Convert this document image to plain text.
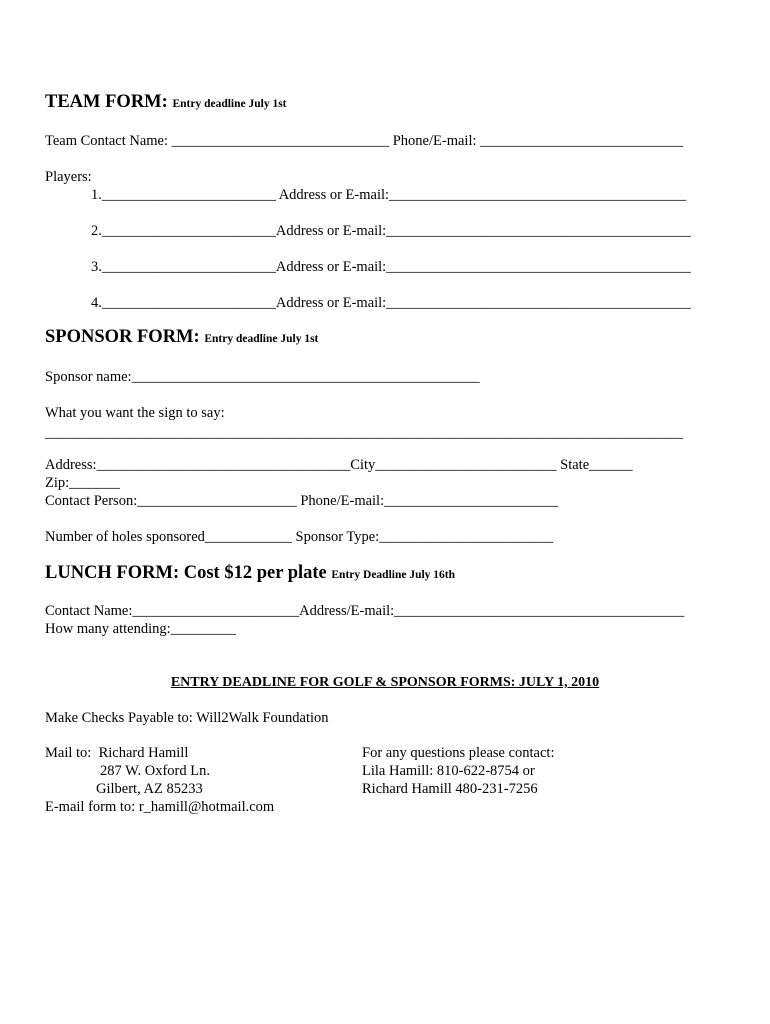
TEAM FORM: Entry deadline July 1st
Team Contact Name: ______________________________ Phone/E-mail: ____________________________
Players:
1.________________________ Address or E-mail:_________________________________________
2.________________________Address or E-mail:__________________________________________
3.________________________Address or E-mail:__________________________________________
4.________________________Address or E-mail:__________________________________________
SPONSOR FORM: Entry deadline July 1st
Sponsor name:________________________________________________
What you want the sign to say:
________________________________________________________________________________________
Address:___________________________________City_________________________ State______
Zip:_______
Contact Person:______________________ Phone/E-mail:________________________
Number of holes sponsored____________ Sponsor Type:________________________
LUNCH FORM: Cost $12 per plate Entry Deadline July 16th
Contact Name:_______________________Address/E-mail:________________________________________
How many attending:_________
ENTRY DEADLINE FOR GOLF & SPONSOR FORMS: JULY 1, 2010
Make Checks Payable to: Will2Walk Foundation
Mail to:  Richard Hamill
287 W. Oxford Ln.
Gilbert, AZ 85233
E-mail form to: r_hamill@hotmail.com
For any questions please contact:
Lila Hamill: 810-622-8754 or
Richard Hamill 480-231-7256
